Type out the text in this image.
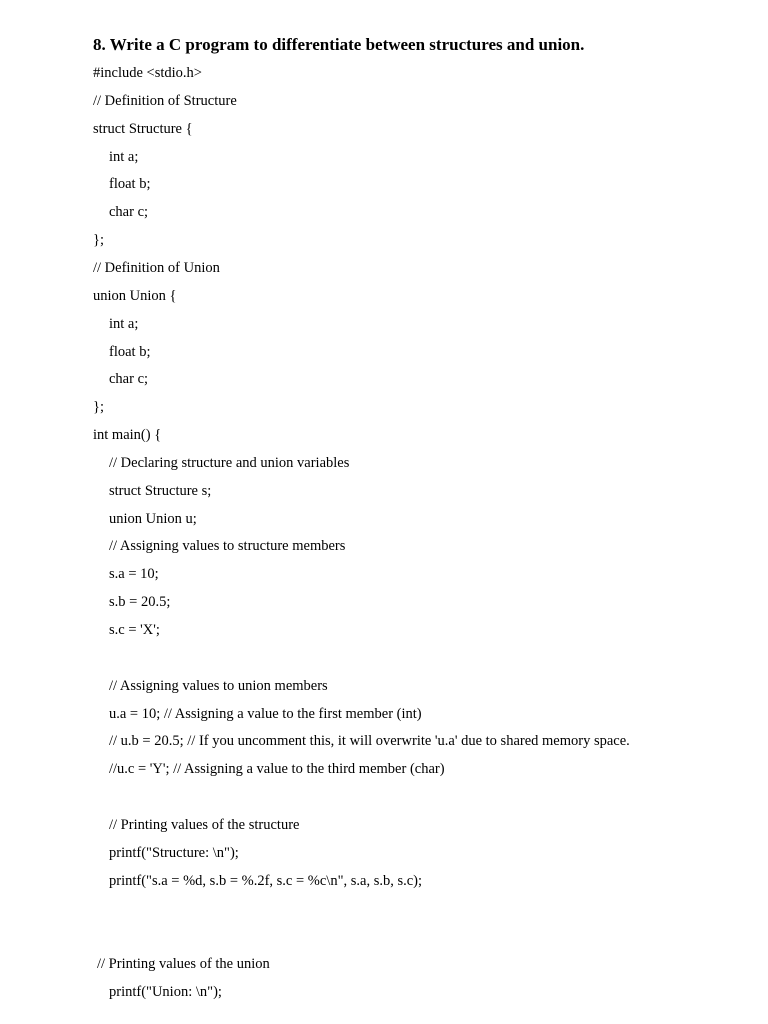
8. Write a C program to differentiate between structures and union.
#include <stdio.h>
// Definition of Structure
struct Structure {
int a;
float b;
char c;
};
// Definition of Union
union Union {
int a;
float b;
char c;
};
int main() {
// Declaring structure and union variables
struct Structure s;
union Union u;
// Assigning values to structure members
s.a = 10;
s.b = 20.5;
s.c = 'X';
// Assigning values to union members
u.a = 10; // Assigning a value to the first member (int)
// u.b = 20.5; // If you uncomment this, it will overwrite 'u.a' due to shared memory space.
//u.c = 'Y'; // Assigning a value to the third member (char)
// Printing values of the structure
printf("Structure: \n");
printf("s.a = %d, s.b = %.2f, s.c = %c\n", s.a, s.b, s.c);
// Printing values of the union
printf("Union: \n");
